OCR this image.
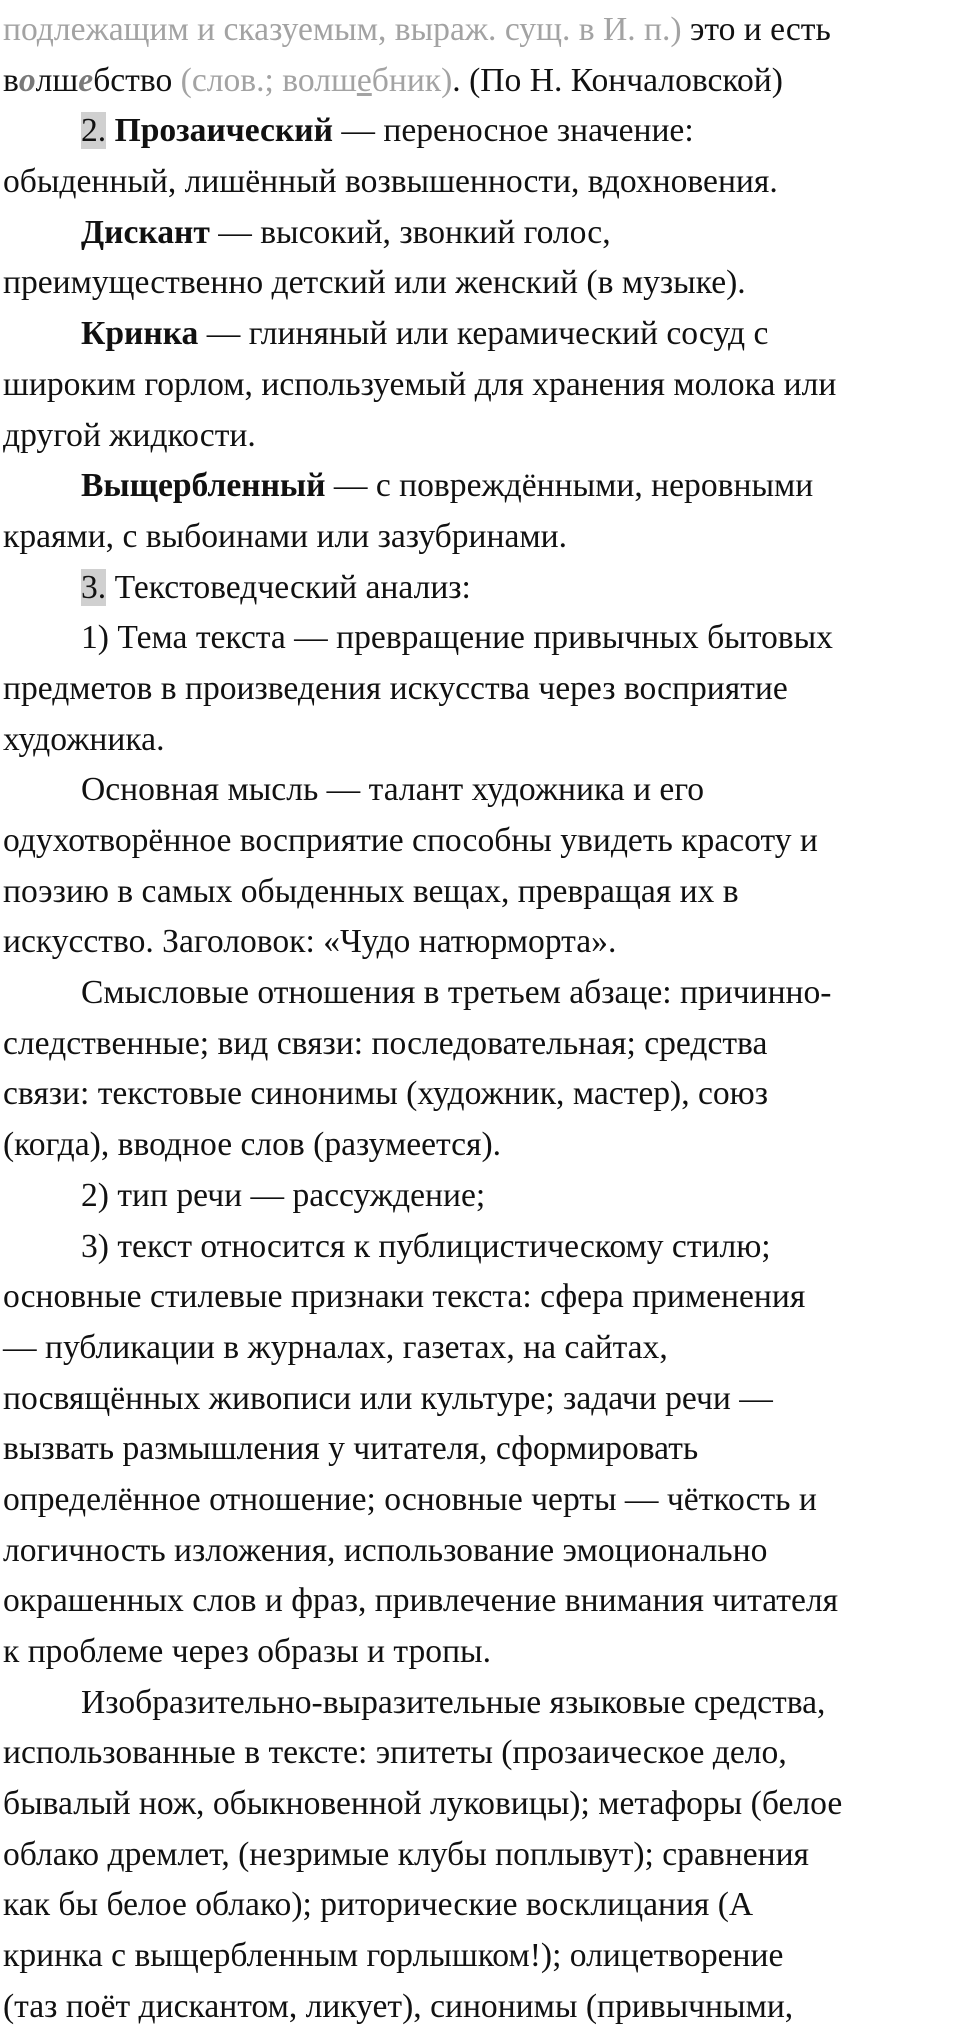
подлежащим и сказуемым, выраж. сущ. в И. п.) это и есть
волшебство (слов.; волшебник). (По Н. Кончаловской)
2. Прозаический — переносное значение:
обыденный, лишённый возвышенности, вдохновения.
Дискант — высокий, звонкий голос,
преимущественно детский или женский (в музыке).
Кринка — глиняный или керамический сосуд с
широким горлом, используемый для хранения молока или
другой жидкости.
Выщербленный — с повреждёнными, неровными
краями, с выбоинами или зазубринами.
3. Текстоведческий анализ:
1) Тема текста — превращение привычных бытовых
предметов в произведения искусства через восприятие
художника.
Основная мысль — талант художника и его
одухотворённое восприятие способны увидеть красоту и
поэзию в самых обыденных вещах, превращая их в
искусство. Заголовок: «Чудо натюрморта».
Смысловые отношения в третьем абзаце: причинно-
следственные; вид связи: последовательная; средства
связи: текстовые синонимы (художник, мастер), союз
(когда), вводное слов (разумеется).
2) тип речи — рассуждение;
3) текст относится к публицистическому стилю;
основные стилевые признаки текста: сфера применения
— публикации в журналах, газетах, на сайтах,
посвящённых живописи или культуре; задачи речи —
вызвать размышления у читателя, сформировать
определённое отношение; основные черты — чёткость и
логичность изложения, использование эмоционально
окрашенных слов и фраз, привлечение внимания читателя
к проблеме через образы и тропы.
Изобразительно-выразительные языковые средства,
использованные в тексте: эпитеты (прозаическое дело,
бывалый нож, обыкновенной луковицы); метафоры (белое
облако дремлет, (незримые клубы поплывут); сравнения
как бы белое облако); риторические восклицания (А
кринка с выщербленным горлышком!); олицетворение
(таз поёт дискантом, ликует), синонимы (привычными,
